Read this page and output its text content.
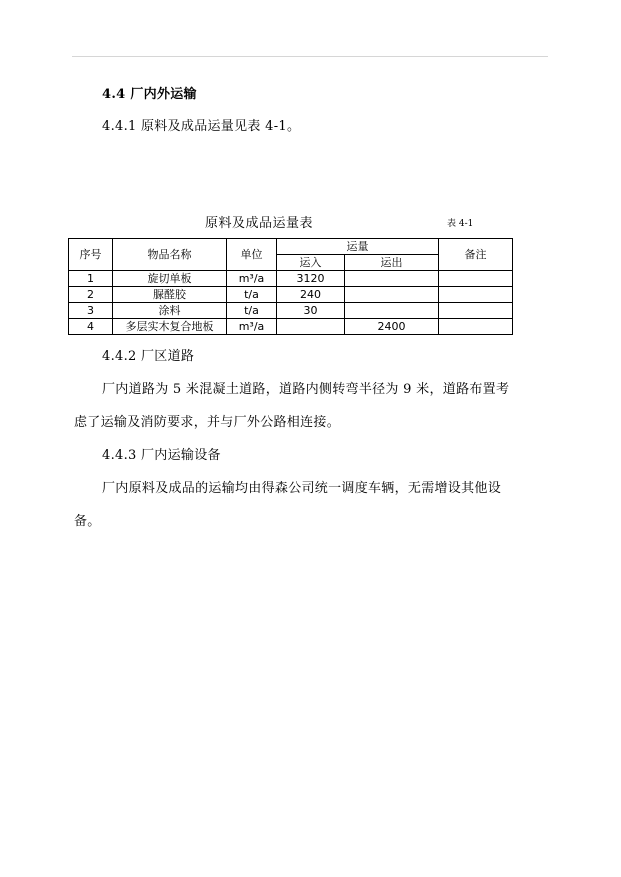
4.4 厂内外运输
4.4.1 原料及成品运量见表 4-1。
原料及成品运量表	表 4-1
序号	物品名称	单位	运量		备注
			运入	运出	
1	旋切单板	m³/a	3120		
2	脲醛胶	t/a	240		
3	涂料	t/a	30		
4	多层实木复合地板	m³/a		2400	
4.4.2 厂区道路
厂内道路为 5 米混凝土道路，道路内侧转弯半径为 9 米，道路布置考
虑了运输及消防要求，并与厂外公路相连接。
4.4.3 厂内运输设备
厂内原料及成品的运输均由得森公司统一调度车辆，无需增设其他设
备。
